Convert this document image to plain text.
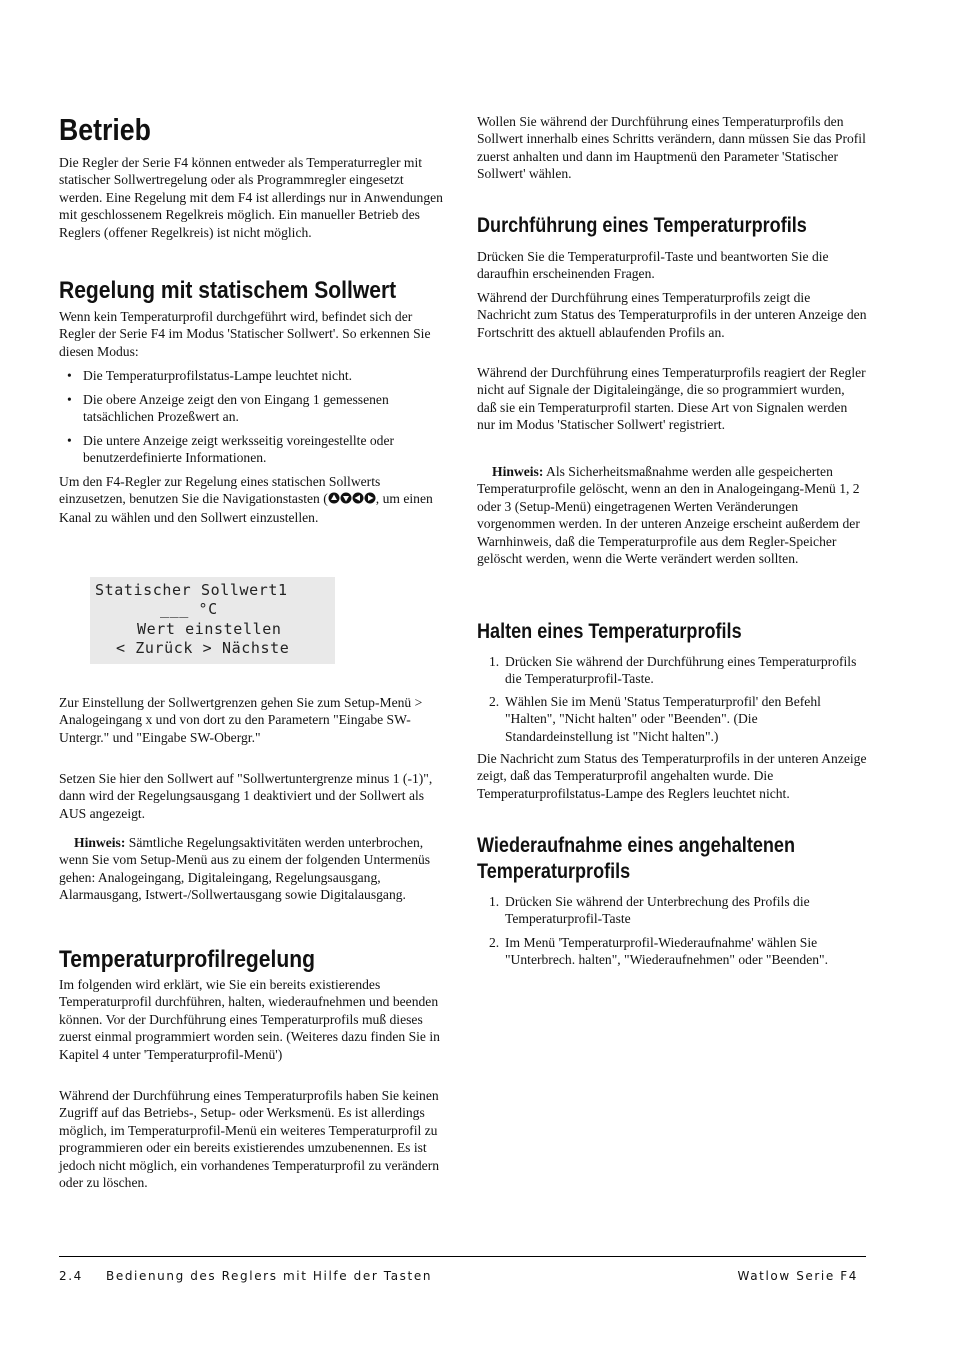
Betrieb

Die Regler der Serie F4 können entweder als Temperaturregler mit statischer Sollwertregelung oder als Programmregler eingesetzt werden. Eine Regelung mit dem F4 ist allerdings nur in Anwendungen mit geschlossenem Regelkreis möglich. Ein manueller Betrieb des Reglers (offener Regelkreis) ist nicht möglich.

Regelung mit statischem Sollwert

Wenn kein Temperaturprofil durchgeführt wird, befindet sich der Regler der Serie F4 im Modus 'Statischer Sollwert'. So erkennen Sie diesen Modus:

• Die Temperaturprofilstatus-Lampe leuchtet nicht.

• Die obere Anzeige zeigt den von Eingang 1 gemessenen tatsächlichen Prozeßwert an.

• Die untere Anzeige zeigt werksseitig voreingestellte oder benutzerdefinierte Informationen.

Um den F4-Regler zur Regelung eines statischen Sollwerts einzusetzen, benutzen Sie die Navigationstasten (	, um einen Kanal zu wählen und den Sollwert einzustellen.

Statischer Sollwert1
___ °C
Wert einstellen
< Zurück > Nächste

Zur Einstellung der Sollwertgrenzen gehen Sie zum Setup-Menü > Analogeingang x und von dort zu den Parametern "Eingabe SW-Untergr." und "Eingabe SW-Obergr."

Setzen Sie hier den Sollwert auf "Sollwertuntergrenze minus 1 (-1)", dann wird der Regelungsausgang 1 deaktiviert und der Sollwert als AUS angezeigt.

Hinweis: Sämtliche Regelungsaktivitäten werden unterbrochen, wenn Sie vom Setup-Menü aus zu einem der folgenden Untermenüs gehen: Analogeingang, Digitaleingang, Regelungsausgang, Alarmausgang, Istwert-/Sollwertausgang sowie Digitalausgang.

Temperaturprofilregelung

Im folgenden wird erklärt, wie Sie ein bereits existierendes Temperaturprofil durchführen, halten, wiederaufnehmen und beenden können. Vor der Durchführung eines Temperaturprofils muß dieses zuerst einmal programmiert worden sein. (Weiteres dazu finden Sie in Kapitel 4 unter 'Temperaturprofil-Menü')

Während der Durchführung eines Temperaturprofils haben Sie keinen Zugriff auf das Betriebs-, Setup- oder Werksmenü. Es ist allerdings möglich, im Temperaturprofil-Menü ein weiteres Temperaturprofil zu programmieren oder ein bereits existierendes umzubenennen. Es ist jedoch nicht möglich, ein vorhandenes Temperaturprofil zu verändern oder zu löschen.

Wollen Sie während der Durchführung eines Temperaturprofils den Sollwert innerhalb eines Schritts verändern, dann müssen Sie das Profil zuerst anhalten und dann im Hauptmenü den Parameter 'Statischer Sollwert' wählen.

Durchführung eines Temperaturprofils

Drücken Sie die Temperaturprofil-Taste und beantworten Sie die daraufhin erscheinenden Fragen.

Während der Durchführung eines Temperaturprofils zeigt die Nachricht zum Status des Temperaturprofils in der unteren Anzeige den Fortschritt des aktuell ablaufenden Profils an.

Während der Durchführung eines Temperaturprofils reagiert der Regler nicht auf Signale der Digitaleingänge, die so programmiert wurden, daß sie ein Temperaturprofil starten. Diese Art von Signalen werden nur im Modus 'Statischer Sollwert' registriert.

Hinweis: Als Sicherheitsmaßnahme werden alle gespeicherten Temperaturprofile gelöscht, wenn an den in Analogeingang-Menü 1, 2 oder 3 (Setup-Menü) eingetragenen Werten Veränderungen vorgenommen werden. In der unteren Anzeige erscheint außerdem der Warnhinweis, daß die Temperaturprofile aus dem Regler-Speicher gelöscht werden, wenn die Werte verändert werden sollten.

Halten eines Temperaturprofils
1. Drücken Sie während der Durchführung eines Temperaturprofils die Temperaturprofil-Taste.

2. Wählen Sie im Menü 'Status Temperaturprofil' den Befehl "Halten", "Nicht halten" oder "Beenden". (Die Standardeinstellung ist "Nicht halten".)

Die Nachricht zum Status des Temperaturprofils in der unteren Anzeige zeigt, daß das Temperaturprofil angehalten wurde. Die Temperaturprofilstatus-Lampe des Reglers leuchtet nicht.

Wiederaufnahme eines angehaltenen
Temperaturprofils
1. Drücken Sie während der Unterbrechung des Profils die Temperaturprofil-Taste

2. Im Menü 'Temperaturprofil-Wiederaufnahme' wählen Sie "Unterbrech. halten", "Wiederaufnehmen" oder "Beenden".

2.4 Bedienung des Reglers mit Hilfe der Tasten	Watlow Serie F4
